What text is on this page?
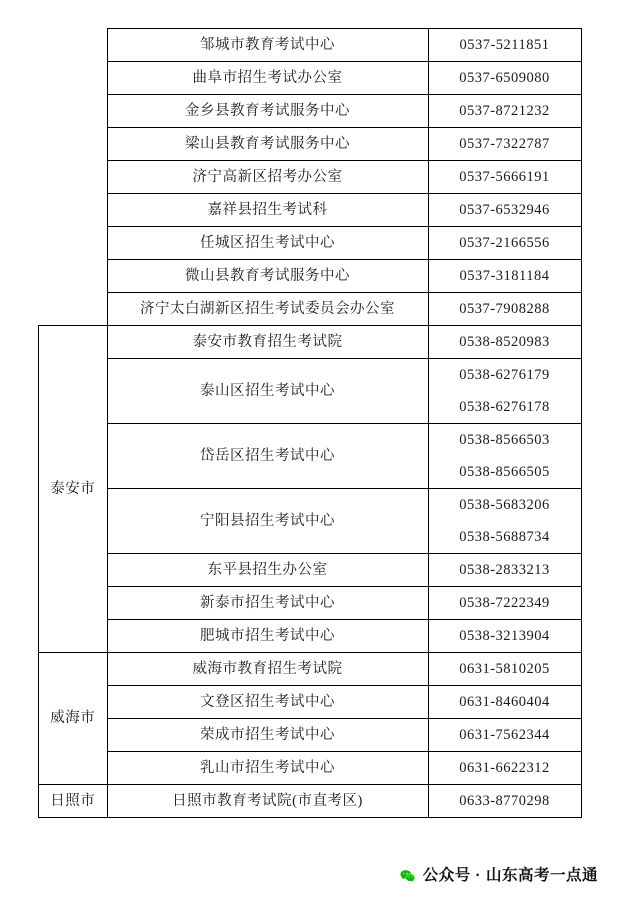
	邹城市教育考试中心	0537-5211851
	曲阜市招生考试办公室	0537-6509080
	金乡县教育考试服务中心	0537-8721232
	梁山县教育考试服务中心	0537-7322787
	济宁高新区招考办公室	0537-5666191
	嘉祥县招生考试科	0537-6532946
	任城区招生考试中心	0537-2166556
	微山县教育考试服务中心	0537-3181184
	济宁太白湖新区招生考试委员会办公室	0537-7908288
泰安市	泰安市教育招生考试院	0538-8520983
	泰山区招生考试中心	0538-6276179
0538-6276178

	岱岳区招生考试中心	0538-8566503
0538-8566505

	宁阳县招生考试中心	0538-5683206
0538-5688734

	东平县招生办公室	0538-2833213
	新泰市招生考试中心	0538-7222349
	肥城市招生考试中心	0538-3213904
威海市	威海市教育招生考试院	0631-5810205
	文登区招生考试中心	0631-8460404
	荣成市招生考试中心	0631-7562344
	乳山市招生考试中心	0631-6622312
日照市	日照市教育考试院(市直考区)	0633-8770298
公众号 · 山东高考一点通
